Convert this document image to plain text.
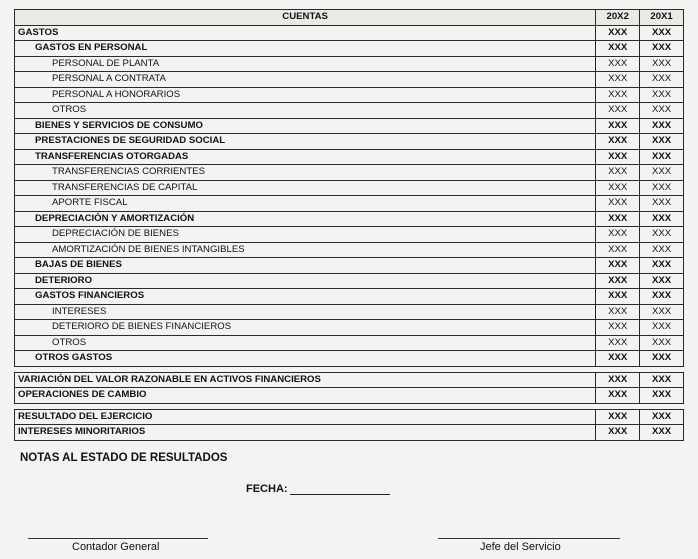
CUENTAS	20X2	20X1
GASTOS	XXX	XXX
GASTOS EN PERSONAL	XXX	XXX
PERSONAL DE PLANTA	XXX	XXX
PERSONAL A CONTRATA	XXX	XXX
PERSONAL A HONORARIOS	XXX	XXX
OTROS	XXX	XXX
BIENES Y SERVICIOS DE CONSUMO	XXX	XXX
PRESTACIONES DE SEGURIDAD SOCIAL	XXX	XXX
TRANSFERENCIAS OTORGADAS	XXX	XXX
TRANSFERENCIAS CORRIENTES	XXX	XXX
TRANSFERENCIAS DE CAPITAL	XXX	XXX
APORTE FISCAL	XXX	XXX
DEPRECIACIÓN Y AMORTIZACIÓN	XXX	XXX
DEPRECIACIÓN DE BIENES	XXX	XXX
AMORTIZACIÓN DE BIENES INTANGIBLES	XXX	XXX
BAJAS DE BIENES	XXX	XXX
DETERIORO	XXX	XXX
GASTOS FINANCIEROS	XXX	XXX
INTERESES	XXX	XXX
DETERIORO DE BIENES FINANCIEROS	XXX	XXX
OTROS	XXX	XXX
OTROS GASTOS	XXX	XXX

VARIACIÓN DEL VALOR RAZONABLE EN ACTIVOS FINANCIEROS	XXX	XXX
OPERACIONES DE CAMBIO	XXX	XXX

RESULTADO DEL EJERCICIO	XXX	XXX
INTERESES MINORITARIOS	XXX	XXX
NOTAS AL ESTADO DE RESULTADOS
FECHA:
Contador General	Jefe del Servicio
